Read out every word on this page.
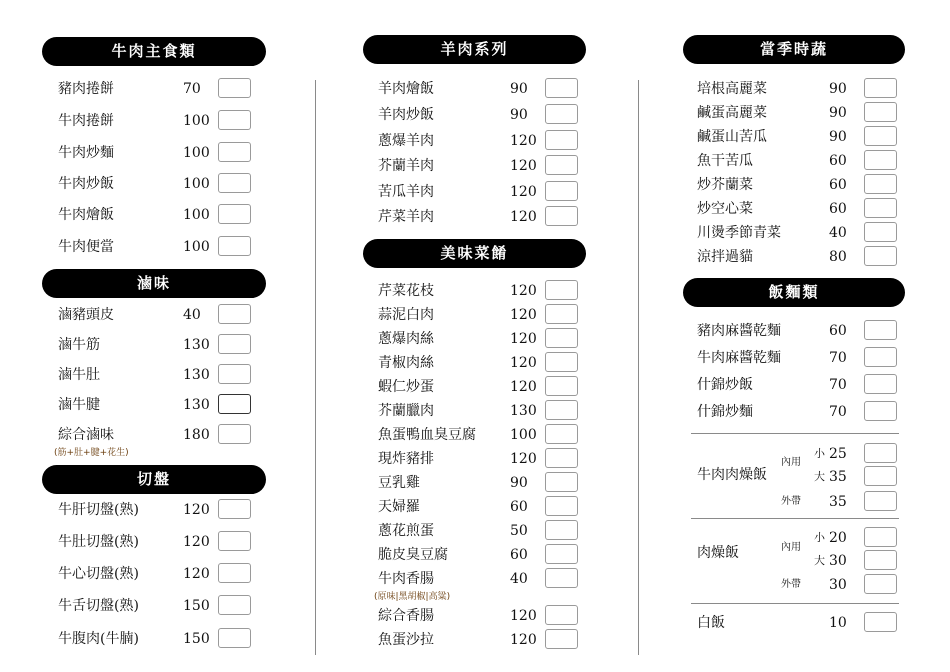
牛肉主食類
豬肉捲餅	70
牛肉捲餅	100
牛肉炒麵	100
牛肉炒飯	100
牛肉燴飯	100
牛肉便當	100
滷味
滷豬頭皮	40
滷牛筋	130
滷牛肚	130
滷牛腱	130
綜合滷味	180
(筋+肚+腱+花生)
切盤
牛肝切盤(熟)	120
牛肚切盤(熟)	120
牛心切盤(熟)	120
牛舌切盤(熟)	150
牛腹肉(牛腩)	150
羊肉系列
羊肉燴飯	90
羊肉炒飯	90
蔥爆羊肉	120
芥蘭羊肉	120
苦瓜羊肉	120
芹菜羊肉	120
美味菜餚
芹菜花枝	120
蒜泥白肉	120
蔥爆肉絲	120
青椒肉絲	120
蝦仁炒蛋	120
芥蘭臘肉	130
魚蛋鴨血臭豆腐 100
現炸豬排	120
豆乳雞	90
天婦羅	60
蔥花煎蛋	50
脆皮臭豆腐	60
牛肉香腸	40
綜合香腸	120
魚蛋沙拉	120
(原味|黑胡椒|高粱)
當季時蔬
培根高麗菜	90
鹹蛋高麗菜	90
鹹蛋山苦瓜	90
魚干苦瓜	60
炒芥蘭菜	60
炒空心菜	60
川燙季節青菜	40
涼拌過貓	80
飯麵類
豬肉麻醬乾麵	60
牛肉麻醬乾麵	70
什錦炒飯	70
什錦炒麵	70
牛肉肉燥飯
內用
小 25
大 35
外帶 35
肉燥飯	內用
小 20
大 30
外帶 30
白飯	10
